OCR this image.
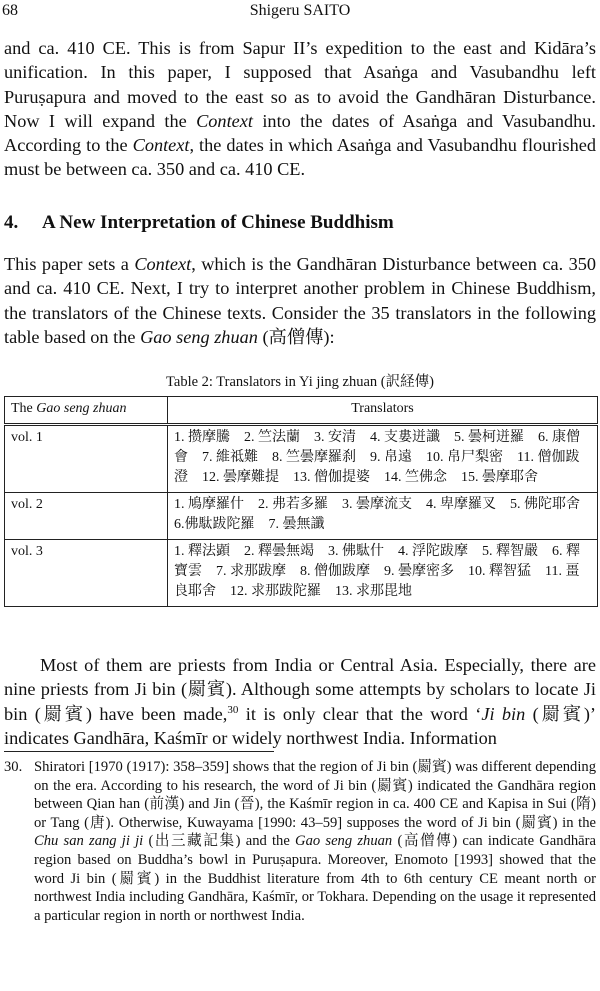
68	Shigeru SAITO

and ca. 410 CE. This is from Sapur II’s expedition to the east and Kidāra’s unification. In this paper, I supposed that Asaṅga and Vasubandhu left Puruṣapura and moved to the east so as to avoid the Gandhāran Disturbance. Now I will expand the Context into the dates of Asaṅga and Vasubandhu. According to the Context, the dates in which Asaṅga and Vasubandhu flourished must be between ca. 350 and ca. 410 CE.

4. A New Interpretation of Chinese Buddhism

This paper sets a Context, which is the Gandhāran Disturbance between ca. 350 and ca. 410 CE. Next, I try to interpret another problem in Chinese Buddhism, the translators of the Chinese texts. Consider the 35 translators in the following table based on the Gao seng zhuan (高僧傳):

Table 2: Translators in Yi jing zhuan (訳経傳)
The Gao seng zhuan	Translators
vol. 1	1. 攒摩騰　2. 竺法蘭　3. 安清　4. 支婁迸讖　5. 曇柯迸羅　6. 康僧會　7. 維祗難　8. 竺曇摩羅刹　9. 帛遠　10. 帛尸梨密　11. 僧伽跋澄　12. 曇摩難提　13. 僧伽提婆　14. 竺佛念　15. 曇摩耶舍
vol. 2	1. 鳩摩羅什　2. 弗若多羅　3. 曇摩流支　4. 卑摩羅叉　5. 佛陀耶舍　6.佛駄跋陀羅　7. 曇無讖
vol. 3	1. 釋法顕　2. 釋曇無竭　3. 佛駄什　4. 浮陀跋摩　5. 釋智嚴　6. 釋寶雲　7. 求那跋摩　8. 僧伽跋摩　9. 曇摩密多　10. 釋智猛　11. 畺良耶舍　12. 求那跋陀羅　13. 求那毘地

Most of them are priests from India or Central Asia. Especially, there are nine priests from Ji bin (罽賓). Although some attempts by scholars to locate Ji bin (罽賓) have been made,$^{30}$ it is only clear that the word ‘Ji bin (罽賓)’ indicates Gandhāra, Kaśmīr or widely northwest India. Information

30. Shiratori [1970 (1917): 358–359] shows that the region of Ji bin (罽賓) was different depending on the era. According to his research, the word of Ji bin (罽賓) indicated the Gandhāra region between Qian han (前漢) and Jin (晉), the Kaśmīr region in ca. 400 CE and Kapisa in Sui (隋) or Tang (唐). Otherwise, Kuwayama [1990: 43–59] supposes the word of Ji bin (罽賓) in the Chu san zang ji ji (出三藏記集) and the Gao seng zhuan (高僧傳) can indicate Gandhāra region based on Buddha’s bowl in Puruṣapura. Moreover, Enomoto [1993] showed that the word Ji bin (罽賓) in the Buddhist literature from 4th to 6th century CE meant north or northwest India including Gandhāra, Kaśmīr, or Tokhara. Depending on the usage it represented a particular region in north or northwest India.
